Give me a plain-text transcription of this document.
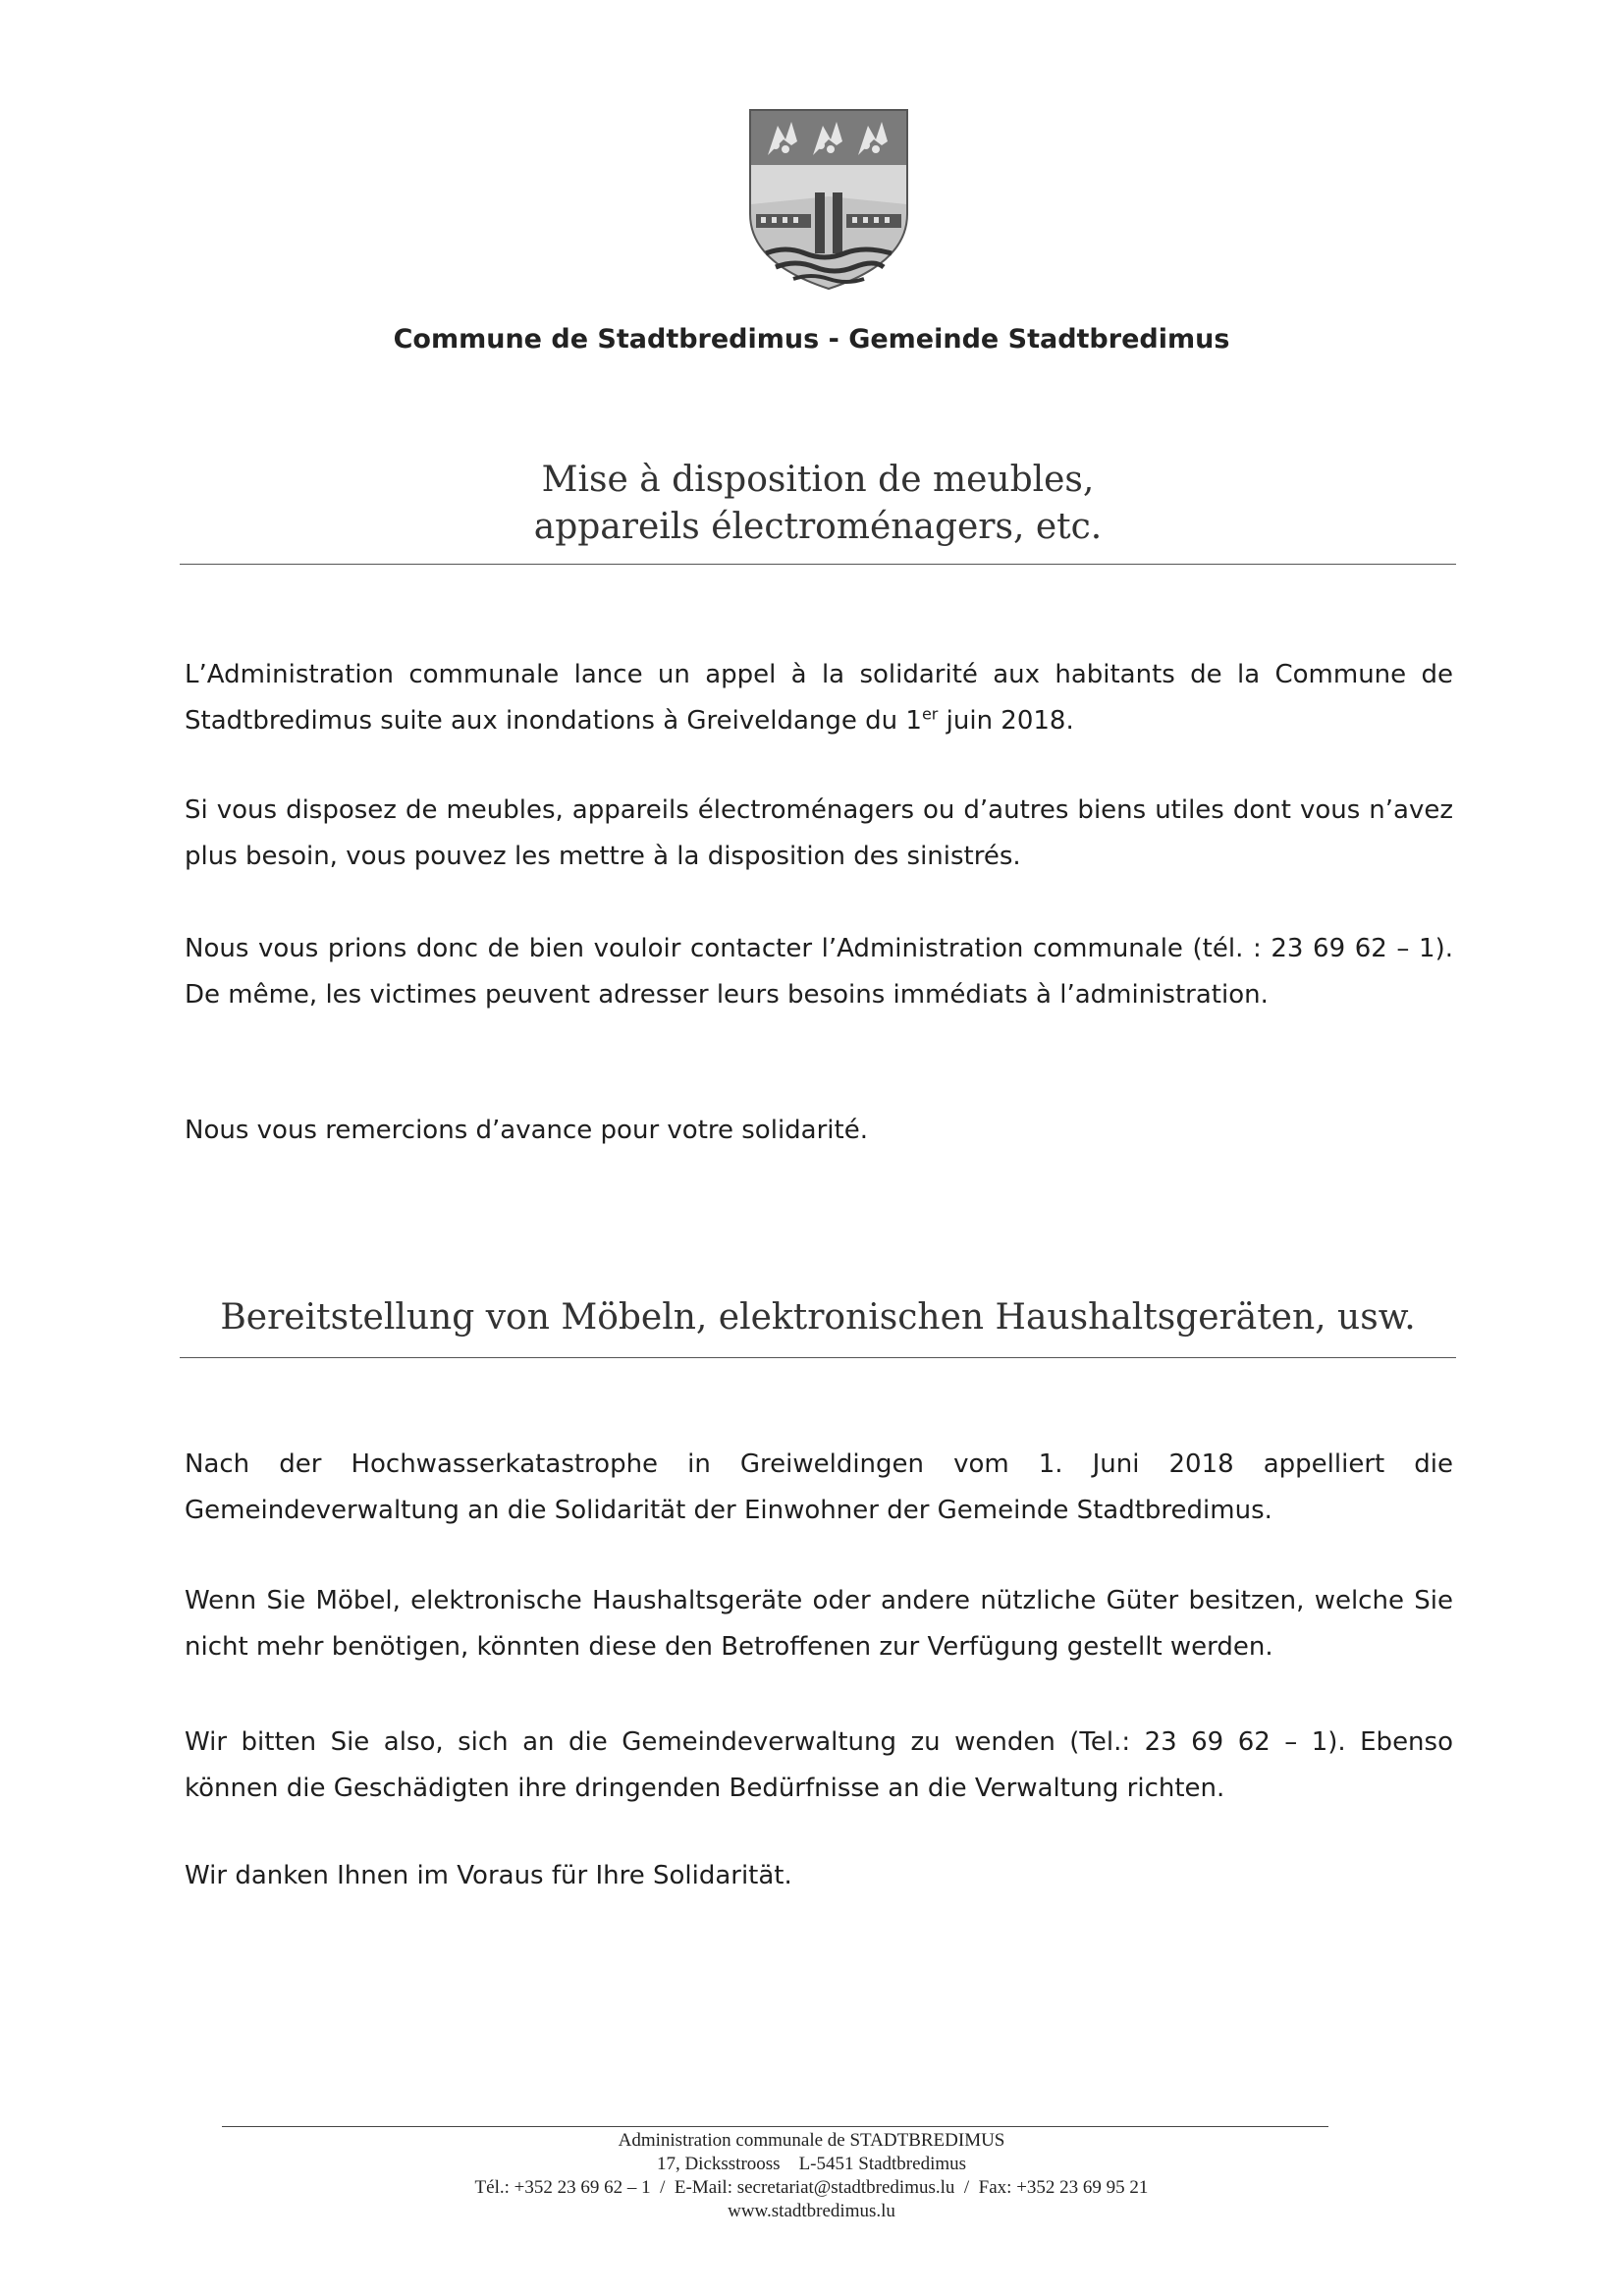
Commune de Stadtbredimus - Gemeinde Stadtbredimus
Mise à disposition de meubles,
appareils électroménagers, etc.

L’Administration communale lance un appel à la solidarité aux habitants de la Commune de Stadtbredimus suite aux inondations à Greiveldange du 1er juin 2018.

Si vous disposez de meubles, appareils électroménagers ou d’autres biens utiles dont vous n’avez plus besoin, vous pouvez les mettre à la disposition des sinistrés.

Nous vous prions donc de bien vouloir contacter l’Administration communale (tél. : 23 69 62 – 1). De même, les victimes peuvent adresser leurs besoins immédiats à l’administration.

Nous vous remercions d’avance pour votre solidarité.

Bereitstellung von Möbeln, elektronischen Haushaltsgeräten, usw.

Nach der Hochwasserkatastrophe in Greiweldingen vom 1. Juni 2018 appelliert die Gemeindeverwaltung an die Solidarität der Einwohner der Gemeinde Stadtbredimus.

Wenn Sie Möbel, elektronische Haushaltsgeräte oder andere nützliche Güter besitzen, welche Sie nicht mehr benötigen, könnten diese den Betroffenen zur Verfügung gestellt werden.

Wir bitten Sie also, sich an die Gemeindeverwaltung zu wenden (Tel.: 23 69 62 – 1). Ebenso können die Geschädigten ihre dringenden Bedürfnisse an die Verwaltung richten.

Wir danken Ihnen im Voraus für Ihre Solidarität.

Administration communale de STADTBREDIMUS
17, Dicksstrooss    L-5451 Stadtbredimus
Tél.: +352 23 69 62 – 1  /  E-Mail: secretariat@stadtbredimus.lu  /  Fax: +352 23 69 95 21
www.stadtbredimus.lu
